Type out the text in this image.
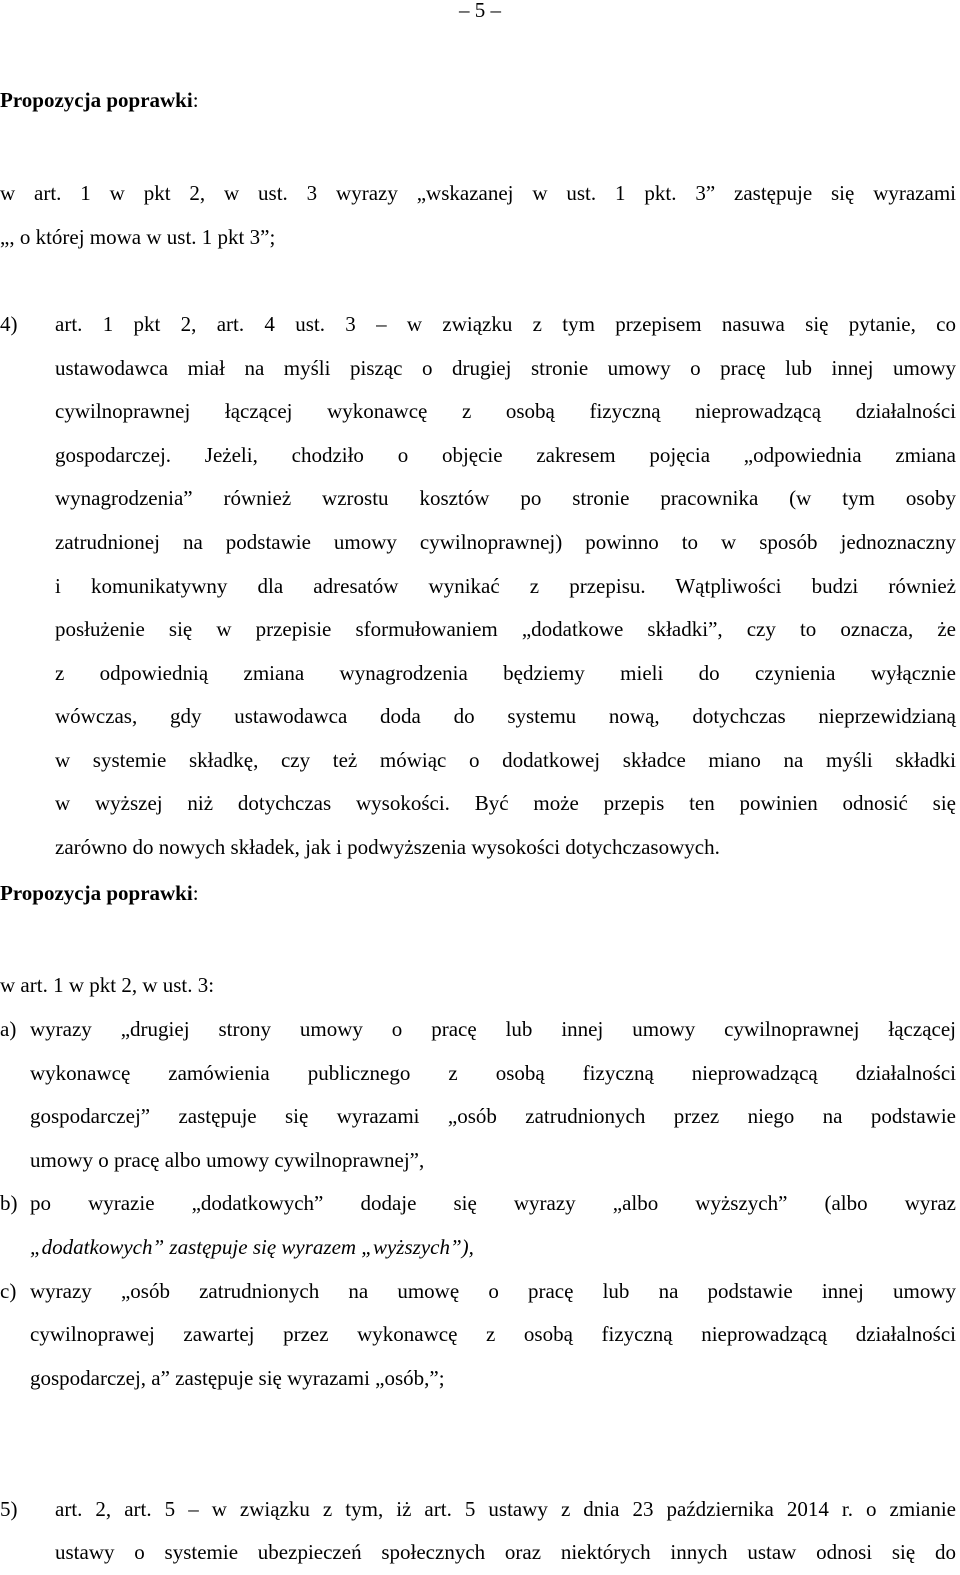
– 5 –
Propozycja poprawki:
w art. 1 w pkt 2, w ust. 3 wyrazy „wskazanej w ust. 1 pkt. 3” zastępuje się wyrazami
„, o której mowa w ust. 1 pkt 3”;
4) art. 1 pkt 2, art. 4 ust. 3 – w związku z tym przepisem nasuwa się pytanie, co
ustawodawca miał na myśli pisząc o drugiej stronie umowy o pracę lub innej umowy
cywilnoprawnej łączącej wykonawcę z osobą fizyczną nieprowadzącą działalności
gospodarczej. Jeżeli, chodziło o objęcie zakresem pojęcia „odpowiednia zmiana
wynagrodzenia” również wzrostu kosztów po stronie pracownika (w tym osoby
zatrudnionej na podstawie umowy cywilnoprawnej) powinno to w sposób jednoznaczny
i komunikatywny dla adresatów wynikać z przepisu. Wątpliwości budzi również
posłużenie się w przepisie sformułowaniem „dodatkowe składki”, czy to oznacza, że
z odpowiednią zmiana wynagrodzenia będziemy mieli do czynienia wyłącznie
wówczas, gdy ustawodawca doda do systemu nową, dotychczas nieprzewidzianą
w systemie składkę, czy też mówiąc o dodatkowej składce miano na myśli składki
w wyższej niż dotychczas wysokości. Być może przepis ten powinien odnosić się
zarówno do nowych składek, jak i podwyższenia wysokości dotychczasowych.
Propozycja poprawki:
w art. 1 w pkt 2, w ust. 3:
a) wyrazy „drugiej strony umowy o pracę lub innej umowy cywilnoprawnej łączącej
wykonawcę zamówienia publicznego z osobą fizyczną nieprowadzącą działalności
gospodarczej” zastępuje się wyrazami „osób zatrudnionych przez niego na podstawie
umowy o pracę albo umowy cywilnoprawnej”,
b) po wyrazie „dodatkowych” dodaje się wyrazy „albo wyższych” (albo wyraz
„dodatkowych” zastępuje się wyrazem „wyższych”),
c) wyrazy „osób zatrudnionych na umowę o pracę lub na podstawie innej umowy
cywilnoprawej zawartej przez wykonawcę z osobą fizyczną nieprowadzącą działalności
gospodarczej, a” zastępuje się wyrazami „osób,”;
5) art. 2, art. 5 – w związku z tym, iż art. 5 ustawy z dnia 23 października 2014 r. o zmianie
ustawy o systemie ubezpieczeń społecznych oraz niektórych innych ustaw odnosi się do
